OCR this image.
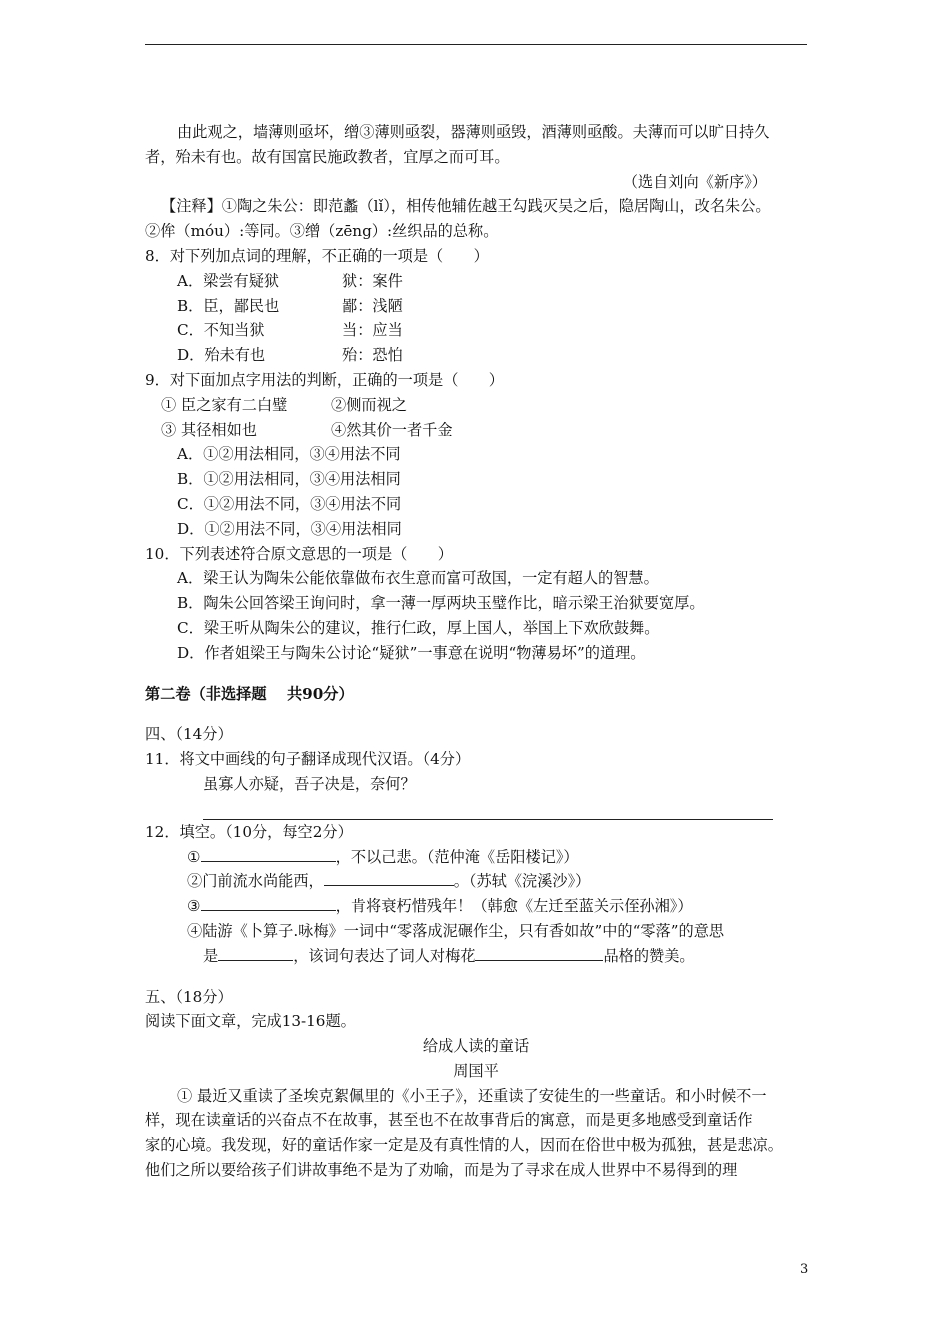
由此观之，墙薄则亟坏，缯③薄则亟裂，器薄则亟毁，酒薄则亟酸。夫薄而可以旷日持久
者，殆未有也。故有国富民施政教者，宜厚之而可耳。
（选自刘向《新序》）
【注释】①陶之朱公：即范蠡（lǐ），相传他辅佐越王勾践灭吴之后，隐居陶山，改名朱公。
②侔（móu）:等同。③缯（zēng）:丝织品的总称。
8．对下列加点词的理解，不正确的一项是（　　）
A．梁尝有疑狱	狱：案件
B．臣，鄙民也	鄙：浅陋
C．不知当狱	当：应当
D．殆未有也	殆：恐怕
9．对下面加点字用法的判断，正确的一项是（　　）
① 臣之家有二白璧	②侧而视之
③ 其径相如也	④然其价一者千金
A．①②用法相同，③④用法不同
B．①②用法相同，③④用法相同
C．①②用法不同，③④用法不同
D．①②用法不同，③④用法相同
10．下列表述符合原文意思的一项是（　　）
A．梁王认为陶朱公能依靠做布衣生意而富可敌国，一定有超人的智慧。
B．陶朱公回答梁王询问时，拿一薄一厚两块玉璧作比，暗示梁王治狱要宽厚。
C．梁王听从陶朱公的建议，推行仁政，厚上国人，举国上下欢欣鼓舞。
D．作者姐梁王与陶朱公讨论“疑狱”一事意在说明“物薄易坏”的道理。
第二卷（非选择题　 共90分）
四、（14分）
11．将文中画线的句子翻译成现代汉语。（4分）
虽寡人亦疑，吾子决是，奈何？
12．填空。（10分，每空2分）
①	，不以己悲。（范仲淹《岳阳楼记》）
②门前流水尚能西，	。（苏轼《浣溪沙》）
③	，肯将衰朽惜残年！（韩愈《左迁至蓝关示侄孙湘》）
④陆游《卜算子.咏梅》一词中“零落成泥碾作尘，只有香如故”中的“零落”的意思
是	，该词句表达了词人对梅花	品格的赞美。
五、（18分）
阅读下面文章，完成13-16题。
给成人读的童话
周国平
① 最近又重读了圣埃克絮佩里的《小王子》，还重读了安徒生的一些童话。和小时候不一
样，现在读童话的兴奋点不在故事，甚至也不在故事背后的寓意，而是更多地感受到童话作
家的心境。我发现，好的童话作家一定是及有真性情的人，因而在俗世中极为孤独，甚是悲凉。
他们之所以要给孩子们讲故事绝不是为了劝喻，而是为了寻求在成人世界中不易得到的理
3
